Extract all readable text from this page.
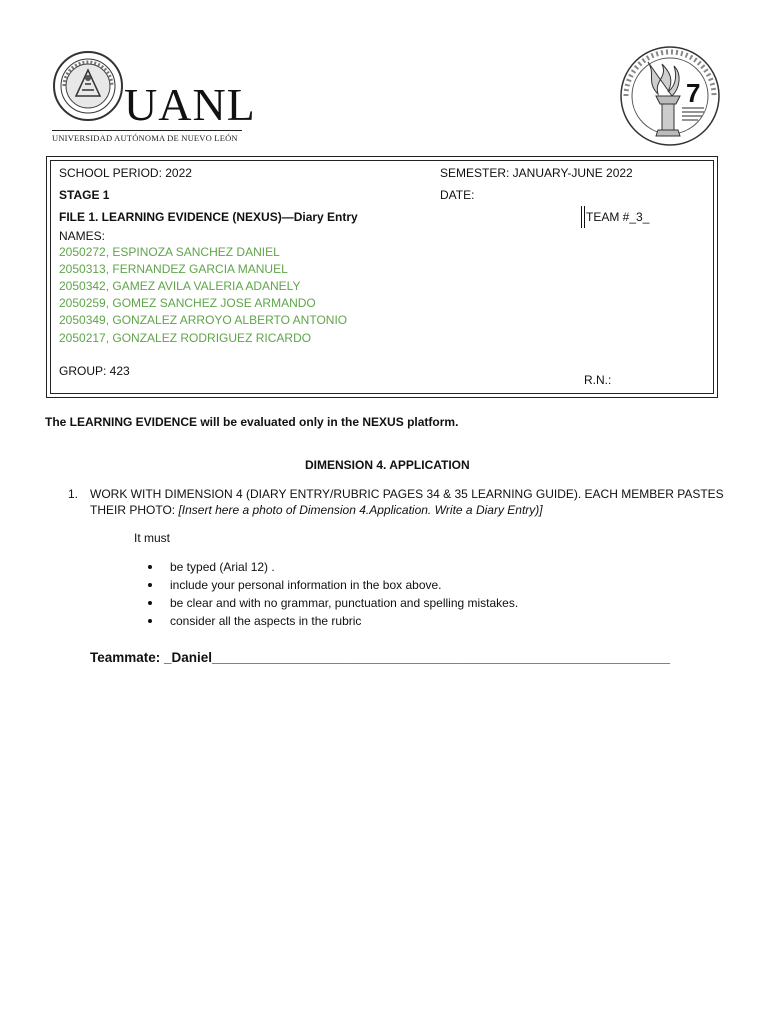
UANL
UNIVERSIDAD AUTÓNOMA DE NUEVO LEÓN
7
SCHOOL PERIOD: 2022	SEMESTER: JANUARY-JUNE 2022
STAGE 1	DATE:
FILE 1. LEARNING EVIDENCE (NEXUS)—Diary Entry	TEAM #_3_
NAMES:
2050272, ESPINOZA SANCHEZ DANIEL
2050313, FERNANDEZ GARCIA MANUEL
2050342, GAMEZ AVILA VALERIA ADANELY
2050259, GOMEZ SANCHEZ JOSE ARMANDO
2050349, GONZALEZ ARROYO ALBERTO ANTONIO
2050217, GONZALEZ RODRIGUEZ RICARDO
GROUP: 423
R.N.:
The LEARNING EVIDENCE will be evaluated only in the NEXUS platform.
DIMENSION 4. APPLICATION
1. WORK WITH DIMENSION 4 (DIARY ENTRY/RUBRIC PAGES 34 & 35 LEARNING GUIDE). EACH MEMBER PASTES
THEIR PHOTO: [Insert here a photo of Dimension 4.Application. Write a Diary Entry)]
It must
be typed (Arial 12) .
include your personal information in the box above.
be clear and with no grammar, punctuation and spelling mistakes.
consider all the aspects in the rubric
Teammate: _Daniel_____________________________________________________________
